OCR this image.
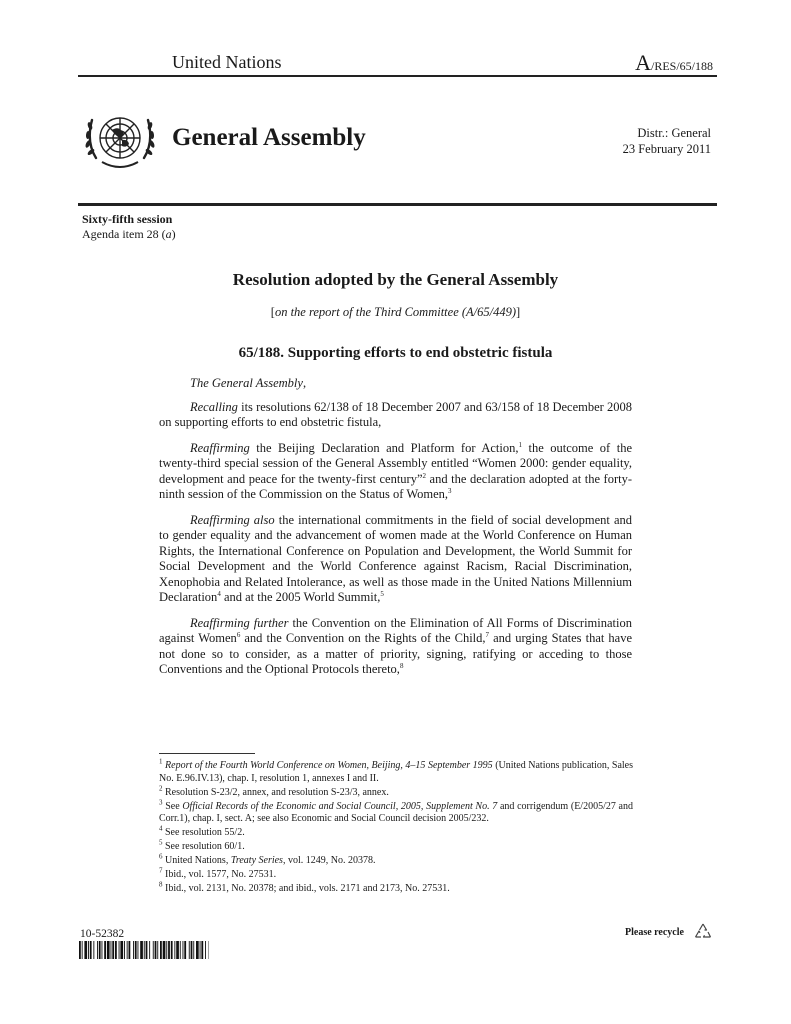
United Nations	A/RES/65/188
General Assembly	Distr.: General
23 February 2011
Sixty-fifth session
Agenda item 28 (a)
Resolution adopted by the General Assembly
[on the report of the Third Committee (A/65/449)]
65/188. Supporting efforts to end obstetric fistula

The General Assembly,

Recalling its resolutions 62/138 of 18 December 2007 and 63/158 of 18 December 2008 on supporting efforts to end obstetric fistula,

Reaffirming the Beijing Declaration and Platform for Action,$^1$ the outcome of the twenty-third special session of the General Assembly entitled “Women 2000: gender equality, development and peace for the twenty-first century”$^2$ and the declaration adopted at the forty-ninth session of the Commission on the Status of Women,$^3$

Reaffirming also the international commitments in the field of social development and to gender equality and the advancement of women made at the World Conference on Human Rights, the International Conference on Population and Development, the World Summit for Social Development and the World Conference against Racism, Racial Discrimination, Xenophobia and Related Intolerance, as well as those made in the United Nations Millennium Declaration$^4$ and at the 2005 World Summit,$^5$

Reaffirming further the Convention on the Elimination of All Forms of Discrimination against Women$^6$ and the Convention on the Rights of the Child,$^7$ and urging States that have not done so to consider, as a matter of priority, signing, ratifying or acceding to those Conventions and the Optional Protocols thereto,$^8$

$^1$ Report of the Fourth World Conference on Women, Beijing, 4–15 September 1995 (United Nations publication, Sales No. E.96.IV.13), chap. I, resolution 1, annexes I and II.
$^2$ Resolution S-23/2, annex, and resolution S-23/3, annex.
$^3$ See Official Records of the Economic and Social Council, 2005, Supplement No. 7 and corrigendum (E/2005/27 and Corr.1), chap. I, sect. A; see also Economic and Social Council decision 2005/232.
$^4$ See resolution 55/2.
$^5$ See resolution 60/1.
$^6$ United Nations, Treaty Series, vol. 1249, No. 20378.
$^7$ Ibid., vol. 1577, No. 27531.
$^8$ Ibid., vol. 2131, No. 20378; and ibid., vols. 2171 and 2173, No. 27531.
10-52382	Please recycle
